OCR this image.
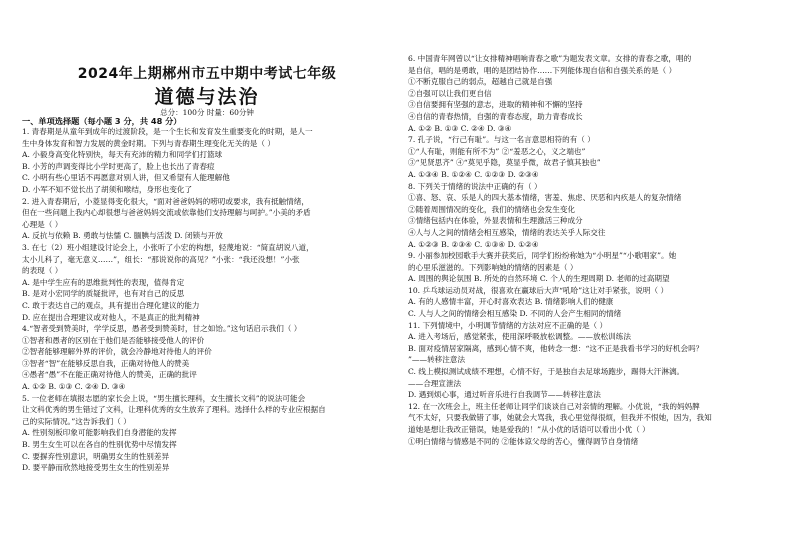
2024年上期郴州市五中期中考试七年级
道德与法治
总分：100分 时量：60分钟
一、单项选择题（每小题 3 分，共 48 分）
1. 青春期是从童年到成年的过渡阶段，是一个生长和发育发生重要变化的时期，是人一
生中身体发育和智力发展的黄金时期。下列与青春期生理变化无关的是（ ）
A. 小毅身高变化特别快，每天有充沛的精力和同学们打篮球
B. 小芳的声调变得比小学时更高了，脸上也长出了青春痘
C. 小明有些心里话不再愿意对别人讲，但又希望有人能理解他
D. 小军不知不觉长出了胡须和喉结，身形也变化了
2. 进入青春期后，小菱显得变化很大，“面对爸爸妈妈的唠叨或要求，我有抵触情绪，
但在一些问题上我内心却很想与爸爸妈妈交流或依靠他们支持理解与呵护。”小美的矛盾
心理是（ ）
A. 反抗与依赖 B. 勇敢与怯懦 C. 腼腆与活泼 D. 闭锁与开放
3. 在七（2）班小组建设讨论会上，小张听了小宏的构想，轻蔑地说：“简直胡说八道，
太小儿科了，毫无意义……”，组长：“那说说你的高见？”小张：“我还没想！”小张
的表现（ ）
A. 是中学生应有的思维批判性的表现，值得肯定
B. 是对小宏同学的质疑批评，也有对自己的反思
C. 敢于表达自己的观点，具有提出合理化建议的能力
D. 应在提出合理建议或对他人，不是真正的批判精神
4.“智者受到赞美时，学学反思，愚者受到赞美时，甘之如饴。”这句话启示我们（ ）
①智者和愚者的区别在于他们是否能够接受他人的评价
②智者能够理解外界的评价，就会冷静地对待他人的评价
③智者“智”在能够反思自我，正确对待他人的赞美
④愚者“愚”不在能正确对待他人的赞美，正确的批评
A. ①② B. ①③ C. ②④ D. ③④
5. 一位老师在填报志愿的家长会上说，“男生擅长理科，女生擅长文科”的说法可能会
让文科优秀的男生错过了文科，让理科优秀的女生放弃了理科。选择什么样的专业应根据自
己的实际情况。”这告诉我们（ ）
A. 性别刻板印象可能影响我们自身潜能的发挥
B. 男生女生可以在各自的性别优势中尽情发挥
C. 要摒弃性别意识，明确男女生的性别差异
D. 要平静而欣然地接受男生女生的性别差异
6. 中国青年网曾以“让女排精神唱响青春之歌”为题发表文章。女排的青春之歌，唱的
是自信，唱的是勇敢，唱的是团结协作……下列能体现自信和自强关系的是（ ）
①不断克服自己的弱点，超越自己就是自强
②自强可以让我们更自信
③自信要拥有坚强的意志，进取的精神和不懈的坚持
④自信的青春热情，自强的青春态度，助力青春成长
A. ①② B. ①③ C. ②④ D. ③④
7. 孔子说，“行己有耻”。与这一名言意思相符的有（ ）
①“人有耻，则能有所不为” ②“羞恶之心，义之端也”
③“见贤思齐” ④“莫见乎隐，莫显乎微，故君子慎其独也”
A. ①③④ B. ①②④ C. ①②③ D. ②③④
8. 下列关于情绪的说法中正确的有（ ）
①喜、怒、哀、乐是人的四大基本情绪，害羞、焦虑、厌恶和内疚是人的复杂情绪
②随着周围情况的变化，我们的情绪也会发生变化
③情绪包括内在体验，外显表情和生理激活三种成分
④人与人之间的情绪会相互感染，情绪的表达关乎人际交往
A. ①②③ B. ②③④ C. ①③④ D. ①②④
9. 小丽参加校园歌手大赛并获奖后，同学们纷纷称她为“小明星”“小歌唱家”。她
的心里乐滋滋的。下列影响她的情绪的因素是（ ）
A. 周围的舆论氛围 B. 所处的自然环境 C. 个人的生理周期 D. 老师的过高期望
10. 乒乓球运动员对战，很喜欢在赢球后大声“吼哈”这让对手紧张，说明（ ）
A. 有的人感情丰富，开心时喜欢表达 B. 情绪影响人们的健康
C. 人与人之间的情绪会相互感染 D. 不同的人会产生相同的情绪
11. 下列情境中，小明调节情绪的方法对应不正确的是（ ）
A. 进入考场后，感觉紧张，使用深呼吸放松调整。——放松训练法
B. 面对疫情居家隔离，感到心情不爽，他转念一想：“这不正是我看书学习的好机会吗？
”——转移注意法
C. 线上模拟测试成绩不理想，心情不好，于是独自去足球场跑步，踢得大汗淋漓。
——合理宣泄法
D. 遇到烦心事，通过听音乐进行自我调节——转移注意法
12. 在一次班会上，班主任老师让同学们谈谈自己对亲情的理解。小优说，“我的妈妈脾
气不太好，只要我做错了事，她就会大骂我，我心里觉得很烦，但我并不恨她，因为，我知
道她是想让我改正错误，她是爱我的！”从小优的话语可以看出小优（ ）
①明白情绪与情感是不同的 ②能体谅父母的苦心，懂得调节自身情绪
